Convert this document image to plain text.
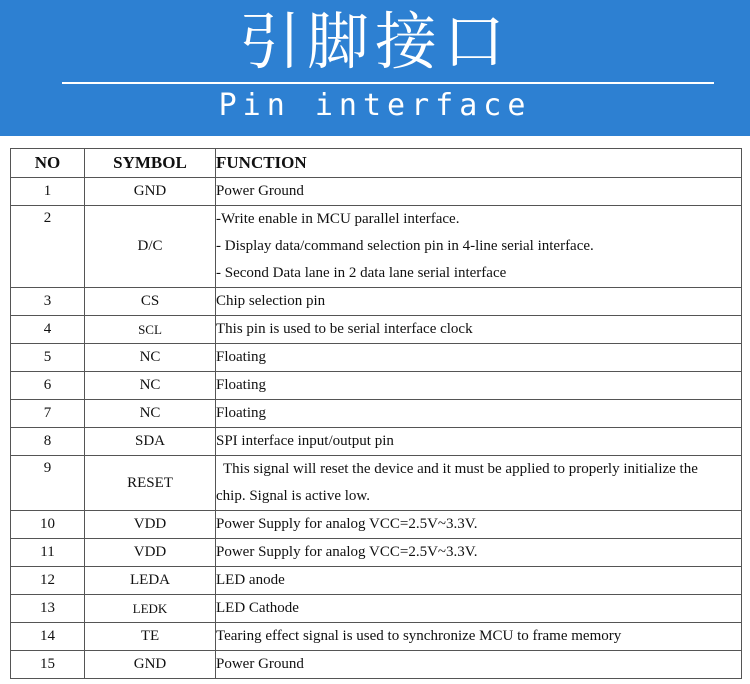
引脚接口
Pin interface
NO	SYMBOL	FUNCTION
1	GND	Power Ground

2	D/C	-Write enable in MCU parallel interface.
- Display data/command selection pin in 4-line serial interface.
- Second Data lane in 2 data lane serial interface

3	CS	Chip selection pin

4	SCL	This pin is used to be serial interface clock

5	NC	Floating

6	NC	Floating

7	NC	Floating

8	SDA	SPI interface input/output pin

9	RESET	This signal will reset the device and it must be applied to properly initialize the
chip. Signal is active low.

10	VDD	Power Supply for analog VCC=2.5V~3.3V.

11	VDD	Power Supply for analog VCC=2.5V~3.3V.

12	LEDA	LED anode

13	LEDK	LED Cathode

14	TE	Tearing effect signal is used to synchronize MCU to frame memory

15	GND	Power Ground
